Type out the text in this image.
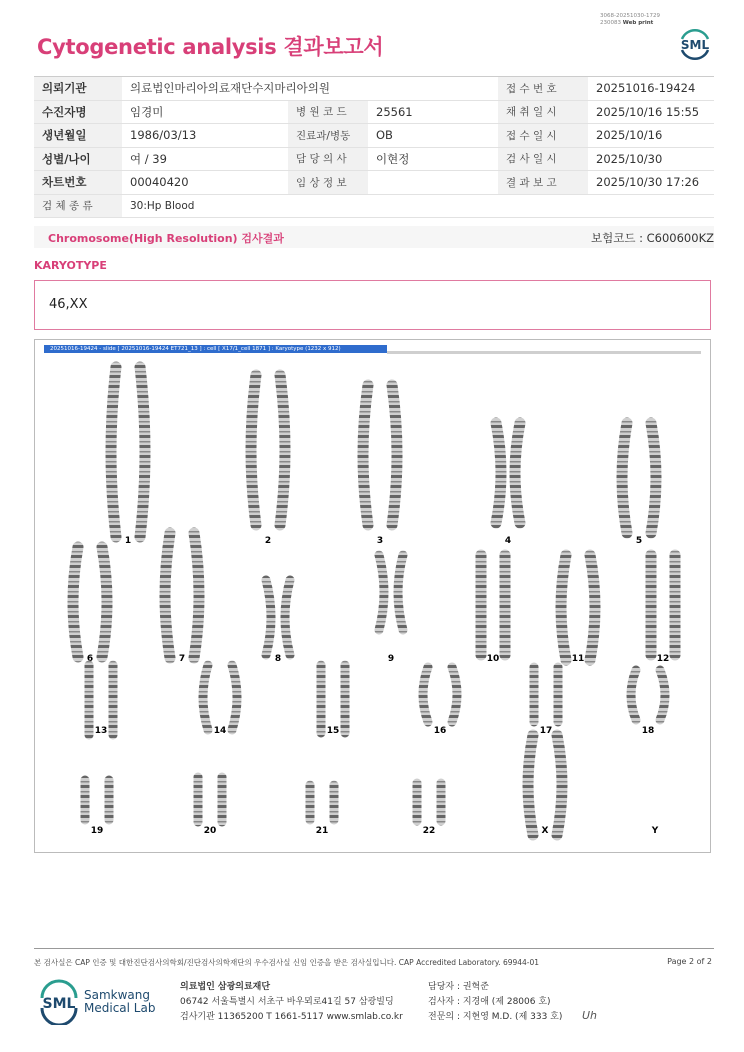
3068-20251030-1729
230083 Web print
SML
Cytogenetic analysis 결과보고서
의뢰기관	의료법인마리아의료재단수지마리아의원			접 수 번 호	20251016-19424
수진자명	임경미	병 원 코 드	25561	채 취 일 시	2025/10/16 15:55
생년월일	1986/03/13	진료과/병동	OB	접 수 일 시	2025/10/16
성별/나이	여 / 39	담 당 의 사	이현정	검 사 일 시	2025/10/30
차트번호	00040420	임 상 정 보		결 과 보 고	2025/10/30 17:26
검 체 종 류	30:Hp Blood				
Chromosome(High Resolution) 검사결과	보험코드 : C600600KZ
KARYOTYPE
46,XX
20251016-19424 - slide [ 20251016-19424 ET721_13 ] : cell [ X17/1_cell 1871 ] : Karyotype (1232 x 912)
1	2	3	4	5
6	7	8	9	10	11	12
13	14	15	16	17	18
19	20	21	22	X	Y
본 검사실은 CAP 인증 및 대한진단검사의학회/진단검사의학재단의 우수검사실 신임 인증을 받은 검사실입니다. CAP Accredited Laboratory. 69944-01	Page 2 of 2
SML
Samkwang
Medical Lab
의료법인 삼광의료재단
06742 서울특별시 서초구 바우뫼로41길 57 삼광빌딩
검사기관 11365200 T 1661-5117 www.smlab.co.kr
담당자 : 권혁준
검사자 : 지경애 (제 28006 호)
전문의 : 지현영 M.D. (제 333 호) Uh
